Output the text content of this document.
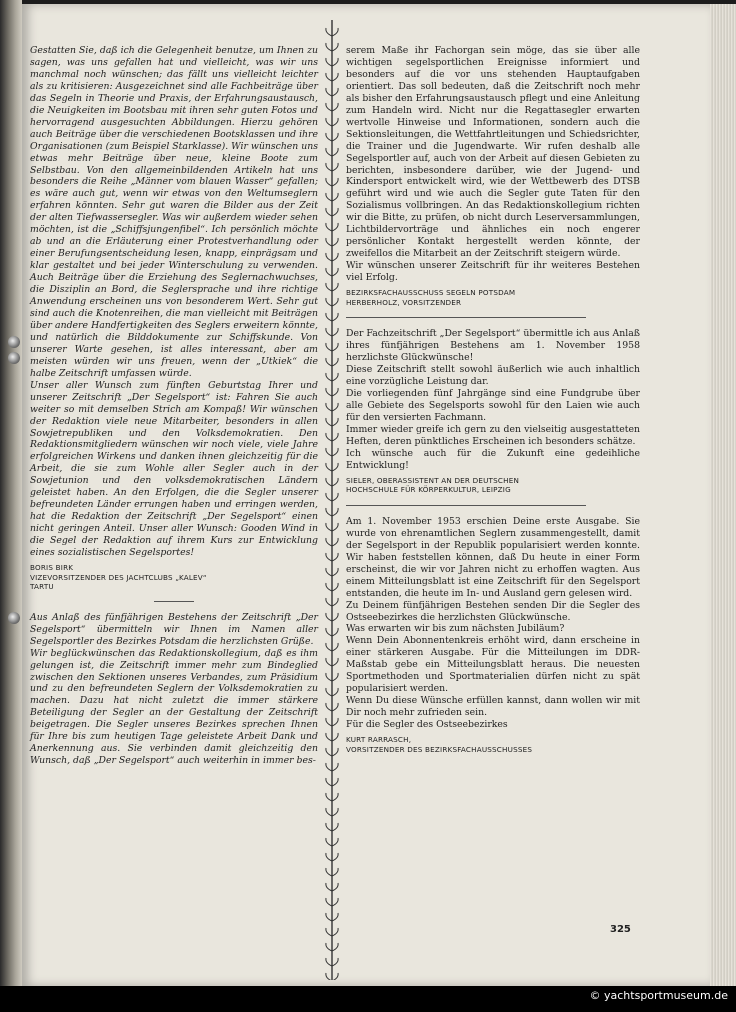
Gestatten Sie, daß ich die Gelegenheit benutze, um Ihnen zu sagen, was uns gefallen hat und vielleicht, was wir uns manchmal noch wünschen; das fällt uns vielleicht leichter als zu kritisieren: Ausgezeichnet sind alle Fachbeiträge über das Segeln in Theorie und Praxis, der Erfahrungsaustausch, die Neuigkeiten im Bootsbau mit ihren sehr guten Fotos und hervorragend ausgesuchten Abbildungen. Hierzu gehören auch Beiträge über die verschiedenen Bootsklassen und ihre Organisationen (zum Beispiel Starklasse). Wir wünschen uns etwas mehr Beiträge über neue, kleine Boote zum Selbstbau. Von den allgemeinbildenden Artikeln hat uns besonders die Reihe „Männer vom blauen Wasser“ gefallen; es wäre auch gut, wenn wir etwas von den Weltumseglern erfahren könnten. Sehr gut waren die Bilder aus der Zeit der alten Tiefwassersegler. Was wir außerdem wieder sehen möchten, ist die „Schiffsjungenfibel“. Ich persönlich möchte ab und an die Erläuterung einer Protestverhandlung oder einer Berufungsentscheidung lesen, knapp, einprägsam und klar gestaltet und bei jeder Winterschulung zu verwenden. Auch Beiträge über die Erziehung des Seglernachwuchses, die Disziplin an Bord, die Seglersprache und ihre richtige Anwendung erscheinen uns von besonderem Wert. Sehr gut sind auch die Knotenreihen, die man vielleicht mit Beiträgen über andere Handfertigkeiten des Seglers erweitern könnte, und natürlich die Bilddokumente zur Schiffskunde. Von unserer Warte gesehen, ist alles interessant, aber am meisten würden wir uns freuen, wenn der „Utkiek“ die halbe Zeitschrift umfassen würde.

Unser aller Wunsch zum fünften Geburtstag Ihrer und unserer Zeitschrift „Der Segelsport“ ist: Fahren Sie auch weiter so mit demselben Strich am Kompaß! Wir wünschen der Redaktion viele neue Mitarbeiter, besonders in allen Sowjetrepubliken und den Volksdemokratien. Den Redaktionsmitgliedern wünschen wir noch viele, viele Jahre erfolgreichen Wirkens und danken ihnen gleichzeitig für die Arbeit, die sie zum Wohle aller Segler auch in der Sowjetunion und den volksdemokratischen Ländern geleistet haben. An den Erfolgen, die die Segler unserer befreundeten Länder errungen haben und erringen werden, hat die Redaktion der Zeitschrift „Der Segelsport“ einen nicht geringen Anteil. Unser aller Wunsch: Gooden Wind in die Segel der Redaktion auf ihrem Kurs zur Entwicklung eines sozialistischen Segelsportes!

BORIS BIRK
VIZEVORSITZENDER DES JACHTCLUBS „KALEV“
TARTU

Aus Anlaß des fünfjährigen Bestehens der Zeitschrift „Der Segelsport“ übermitteln wir Ihnen im Namen aller Segelsportler des Bezirkes Potsdam die herzlichsten Grüße.

Wir beglückwünschen das Redaktionskollegium, daß es ihm gelungen ist, die Zeitschrift immer mehr zum Bindeglied zwischen den Sektionen unseres Verbandes, zum Präsidium und zu den befreundeten Seglern der Volksdemokratien zu machen. Dazu hat nicht zuletzt die immer stärkere Beteiligung der Segler an der Gestaltung der Zeitschrift beigetragen. Die Segler unseres Bezirkes sprechen Ihnen für Ihre bis zum heutigen Tage geleistete Arbeit Dank und Anerkennung aus. Sie verbinden damit gleichzeitig den Wunsch, daß „Der Segelsport“ auch weiterhin in immer bes-

serem Maße ihr Fachorgan sein möge, das sie über alle wichtigen segelsportlichen Ereignisse informiert und besonders auf die vor uns stehenden Hauptaufgaben orientiert. Das soll bedeuten, daß die Zeitschrift noch mehr als bisher den Erfahrungsaustausch pflegt und eine Anleitung zum Handeln wird. Nicht nur die Regattasegler erwarten wertvolle Hinweise und Informationen, sondern auch die Sektionsleitungen, die Wettfahrtleitungen und Schiedsrichter, die Trainer und die Jugendwarte. Wir rufen deshalb alle Segelsportler auf, auch von der Arbeit auf diesen Gebieten zu berichten, insbesondere darüber, wie der Jugend- und Kindersport entwickelt wird, wie der Wettbewerb des DTSB geführt wird und wie auch die Segler gute Taten für den Sozialismus vollbringen. An das Redaktionskollegium richten wir die Bitte, zu prüfen, ob nicht durch Leserversammlungen, Lichtbildervorträge und ähnliches ein noch engerer persönlicher Kontakt hergestellt werden könnte, der zweifellos die Mitarbeit an der Zeitschrift steigern würde.

Wir wünschen unserer Zeitschrift für ihr weiteres Bestehen viel Erfolg.

BEZIRKSFACHAUSSCHUSS SEGELN POTSDAM
HERBERHOLZ, VORSITZENDER

Der Fachzeitschrift „Der Segelsport“ übermittle ich aus Anlaß ihres fünfjährigen Bestehens am 1. November 1958 herzlichste Glückwünsche!

Diese Zeitschrift stellt sowohl äußerlich wie auch inhaltlich eine vorzügliche Leistung dar.

Die vorliegenden fünf Jahrgänge sind eine Fundgrube über alle Gebiete des Segelsports sowohl für den Laien wie auch für den versierten Fachmann.

Immer wieder greife ich gern zu den vielseitig ausgestatteten Heften, deren pünktliches Erscheinen ich besonders schätze.

Ich wünsche auch für die Zukunft eine gedeihliche Entwicklung!

SIELER, OBERASSISTENT AN DER DEUTSCHEN
HOCHSCHULE FÜR KÖRPERKULTUR, LEIPZIG

Am 1. November 1953 erschien Deine erste Ausgabe. Sie wurde von ehrenamtlichen Seglern zusammengestellt, damit der Segelsport in der Republik popularisiert werden konnte. Wir haben feststellen können, daß Du heute in einer Form erscheinst, die wir vor Jahren nicht zu erhoffen wagten. Aus einem Mitteilungsblatt ist eine Zeitschrift für den Segelsport entstanden, die heute im In- und Ausland gern gelesen wird.

Zu Deinem fünfjährigen Bestehen senden Dir die Segler des Ostseebezirkes die herzlichsten Glückwünsche.

Was erwarten wir bis zum nächsten Jubiläum?

Wenn Dein Abonnentenkreis erhöht wird, dann erscheine in einer stärkeren Ausgabe. Für die Mitteilungen im DDR-Maßstab gebe ein Mitteilungsblatt heraus. Die neuesten Sportmethoden und Sportmaterialien dürfen nicht zu spät popularisiert werden.

Wenn Du diese Wünsche erfüllen kannst, dann wollen wir mit Dir noch mehr zufrieden sein.

Für die Segler des Ostseebezirkes

KURT RARRASCH,
VORSITZENDER DES BEZIRKSFACHAUSSCHUSSES

325
© yachtsportmuseum.de
